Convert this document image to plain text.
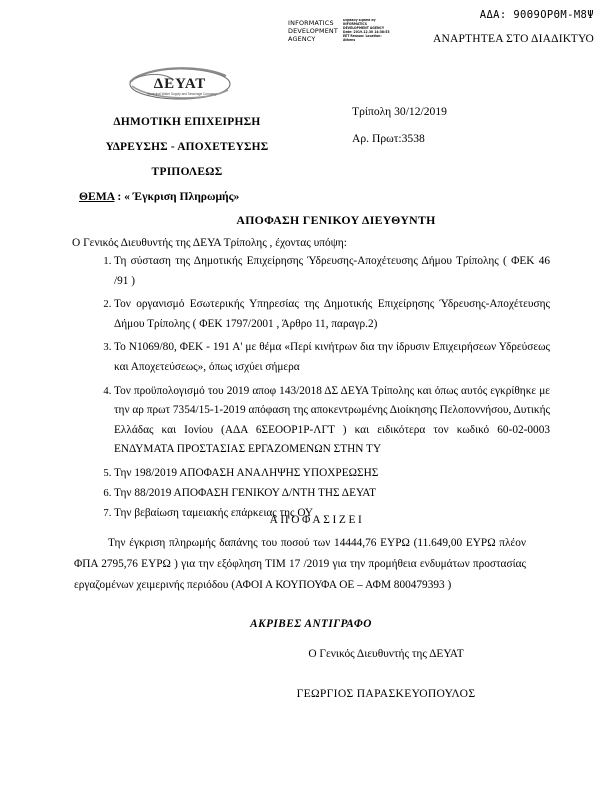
ΑΔΑ: 90Θ9ΟΡΘΜ-Μ8Ψ
INFORMATICS DEVELOPMENT AGENCY
Digitally signed by INFORMATICS DEVELOPMENT AGENCY Date: 2019.12.30 14:38:53 EET Reason: Location: Athens	ΑΝΑΡΤΗΤΕΑ ΣΤΟ ΔΙΑΔΙΚΤΥΟ
ΔΕΥΑΤ
Municipal Water Supply and Sewerage Company
ΔΗΜΟΤΙΚΗ ΕΠΙΧΕΙΡΗΣΗ
ΥΔΡΕΥΣΗΣ - ΑΠΟΧΕΤΕΥΣΗΣ
ΤΡΙΠΟΛΕΩΣ
Τρίπολη 30/12/2019
Αρ. Πρωτ:3538
ΘΕΜΑ : « Έγκριση Πληρωμής»
ΑΠΟΦΑΣΗ ΓΕΝΙΚΟΥ ΔΙΕΥΘΥΝΤΗ
Ο Γενικός Διευθυντής της ΔΕΥΑ Τρίπολης , έχοντας υπόψη:
1. Τη σύσταση της Δημοτικής Επιχείρησης Ύδρευσης-Αποχέτευσης Δήμου Τρίπολης ( ΦΕΚ 46 /91 )
2. Τον οργανισμό Εσωτερικής Υπηρεσίας της Δημοτικής Επιχείρησης Ύδρευσης-Αποχέτευσης Δήμου Τρίπολης ( ΦΕΚ 1797/2001 , Άρθρο 11, παραγρ.2)
3. Το Ν1069/80, ΦΕΚ - 191 Α' με θέμα «Περί κινήτρων δια την ίδρυσιν Επιχειρήσεων Υδρεύσεως και Αποχετεύσεως», όπως ισχύει σήμερα
4. Τον προϋπολογισμό του 2019 αποφ 143/2018 ΔΣ ΔΕΥΑ Τρίπολης και όπως αυτός εγκρίθηκε με την αρ πρωτ 7354/15-1-2019 απόφαση της αποκεντρωμένης Διοίκησης Πελοποννήσου, Δυτικής Ελλάδας και Ιονίου (ΑΔΑ 6ΣΕΟΟΡ1Ρ-ΛΓΤ ) και ειδικότερα τον κωδικό 60-02-0003 ΕΝΔΥΜΑΤΑ ΠΡΟΣΤΑΣΙΑΣ ΕΡΓΑΖΟΜΕΝΩΝ ΣΤΗΝ ΤΥ
5. Την 198/2019 ΑΠΟΦΑΣΗ ΑΝΑΛΗΨΗΣ ΥΠΟΧΡΕΩΣΗΣ
6. Την 88/2019 ΑΠΟΦΑΣΗ ΓΕΝΙΚΟΥ Δ/ΝΤΗ ΤΗΣ ΔΕΥΑΤ
7. Την βεβαίωση ταμειακής επάρκειας της ΟΥ
ΑΠΟΦΑΣΙΖΕΙ
Την έγκριση πληρωμής δαπάνης του ποσού των 14444,76 ΕΥΡΩ (11.649,00 ΕΥΡΩ πλέον ΦΠΑ 2795,76 ΕΥΡΩ ) για την εξόφληση ΤΙΜ 17 /2019 για την προμήθεια ενδυμάτων προστασίας εργαζομένων χειμερινής περιόδου (ΑΦΟΙ Α ΚΟΥΠΟΥΦΑ ΟΕ – ΑΦΜ 800479393 )
ΑΚΡΙΒΕΣ ΑΝΤΙΓΡΑΦΟ
Ο Γενικός Διευθυντής της ΔΕΥΑΤ
ΓΕΩΡΓΙΟΣ ΠΑΡΑΣΚΕΥΟΠΟΥΛΟΣ
